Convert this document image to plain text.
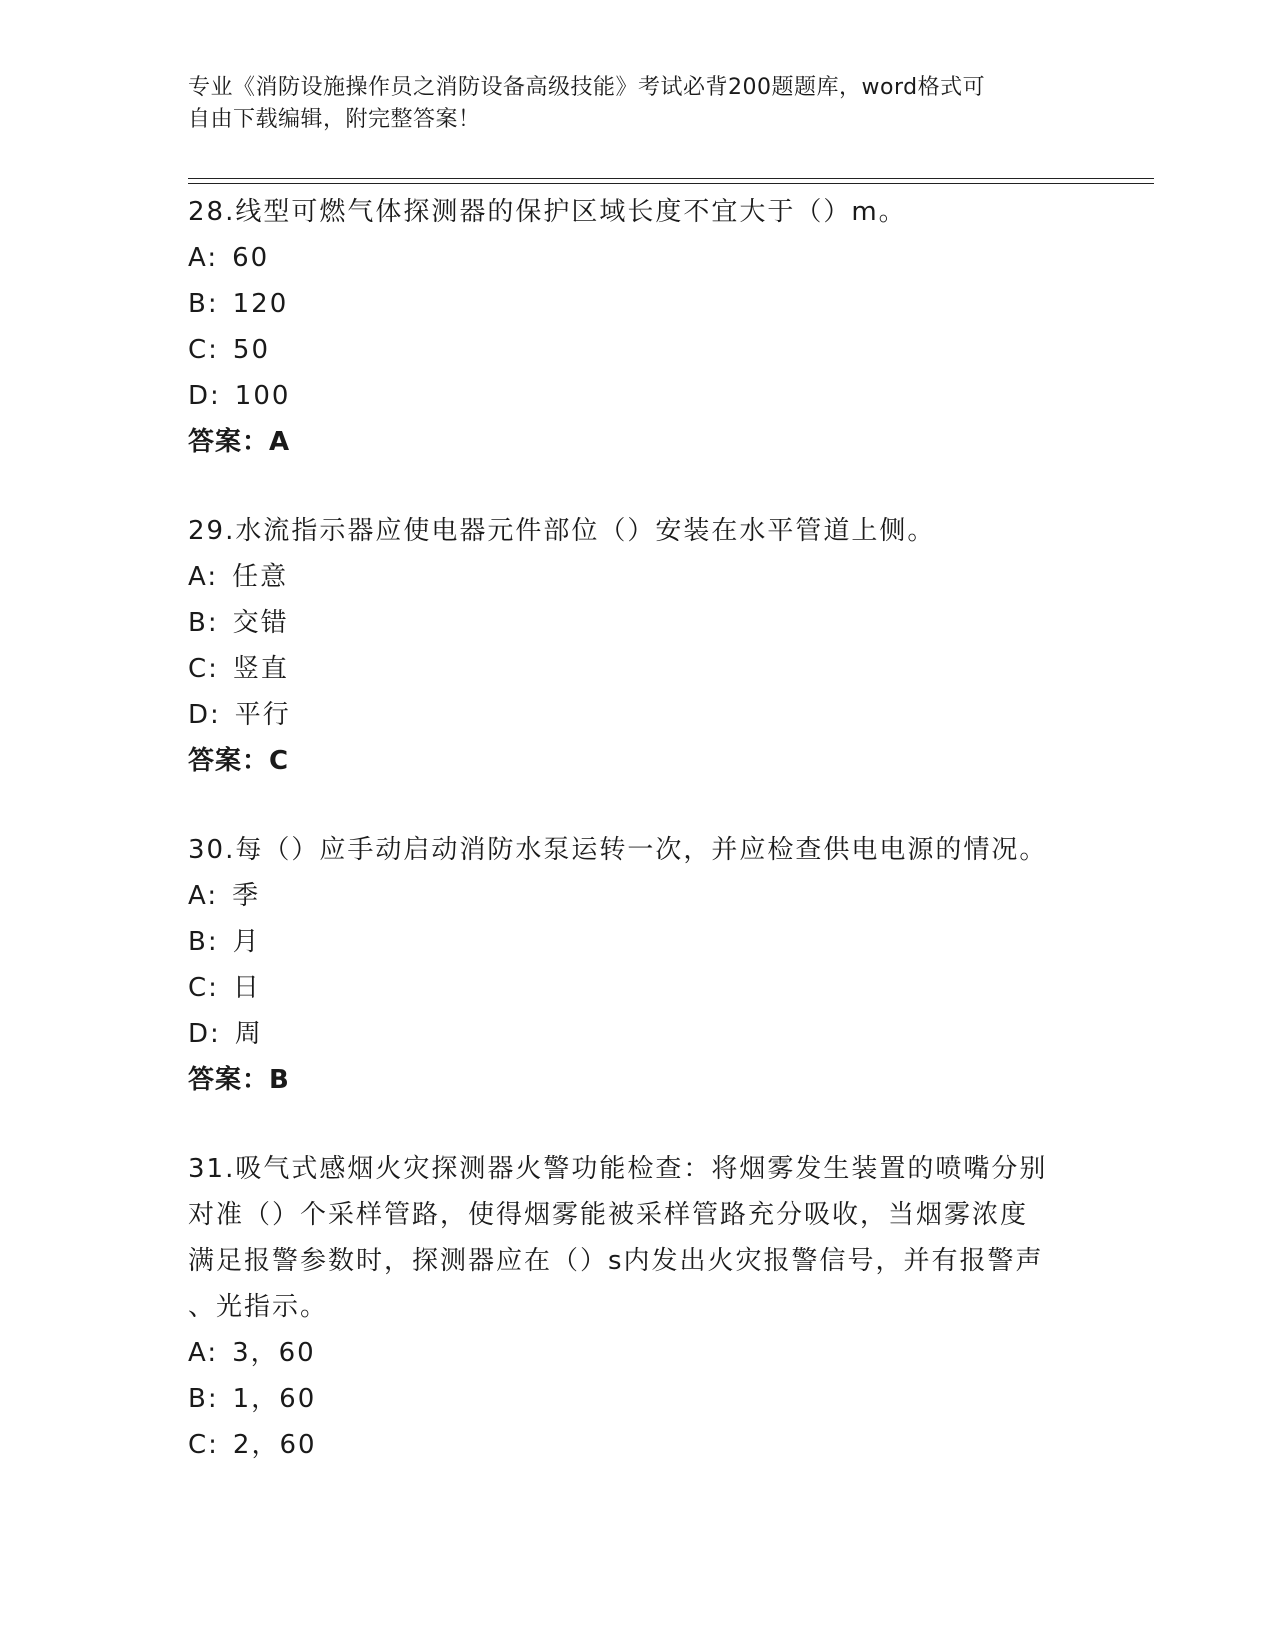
专业《消防设施操作员之消防设备高级技能》考试必背200题题库，word格式可
自由下载编辑，附完整答案！

28.线型可燃气体探测器的保护区域长度不宜大于（）m。

A: 60

B: 120

C: 50

D: 100

答案：A

29.水流指示器应使电器元件部位（）安装在水平管道上侧。

A: 任意

B: 交错

C: 竖直

D: 平行

答案：C

30.每（）应手动启动消防水泵运转一次，并应检查供电电源的情况。

A: 季

B: 月

C: 日

D: 周

答案：B

31.吸气式感烟火灾探测器火警功能检查：将烟雾发生装置的喷嘴分别

对准（）个采样管路，使得烟雾能被采样管路充分吸收，当烟雾浓度

满足报警参数时，探测器应在（）s内发出火灾报警信号，并有报警声

、光指示。

A: 3，60

B: 1，60

C: 2，60
